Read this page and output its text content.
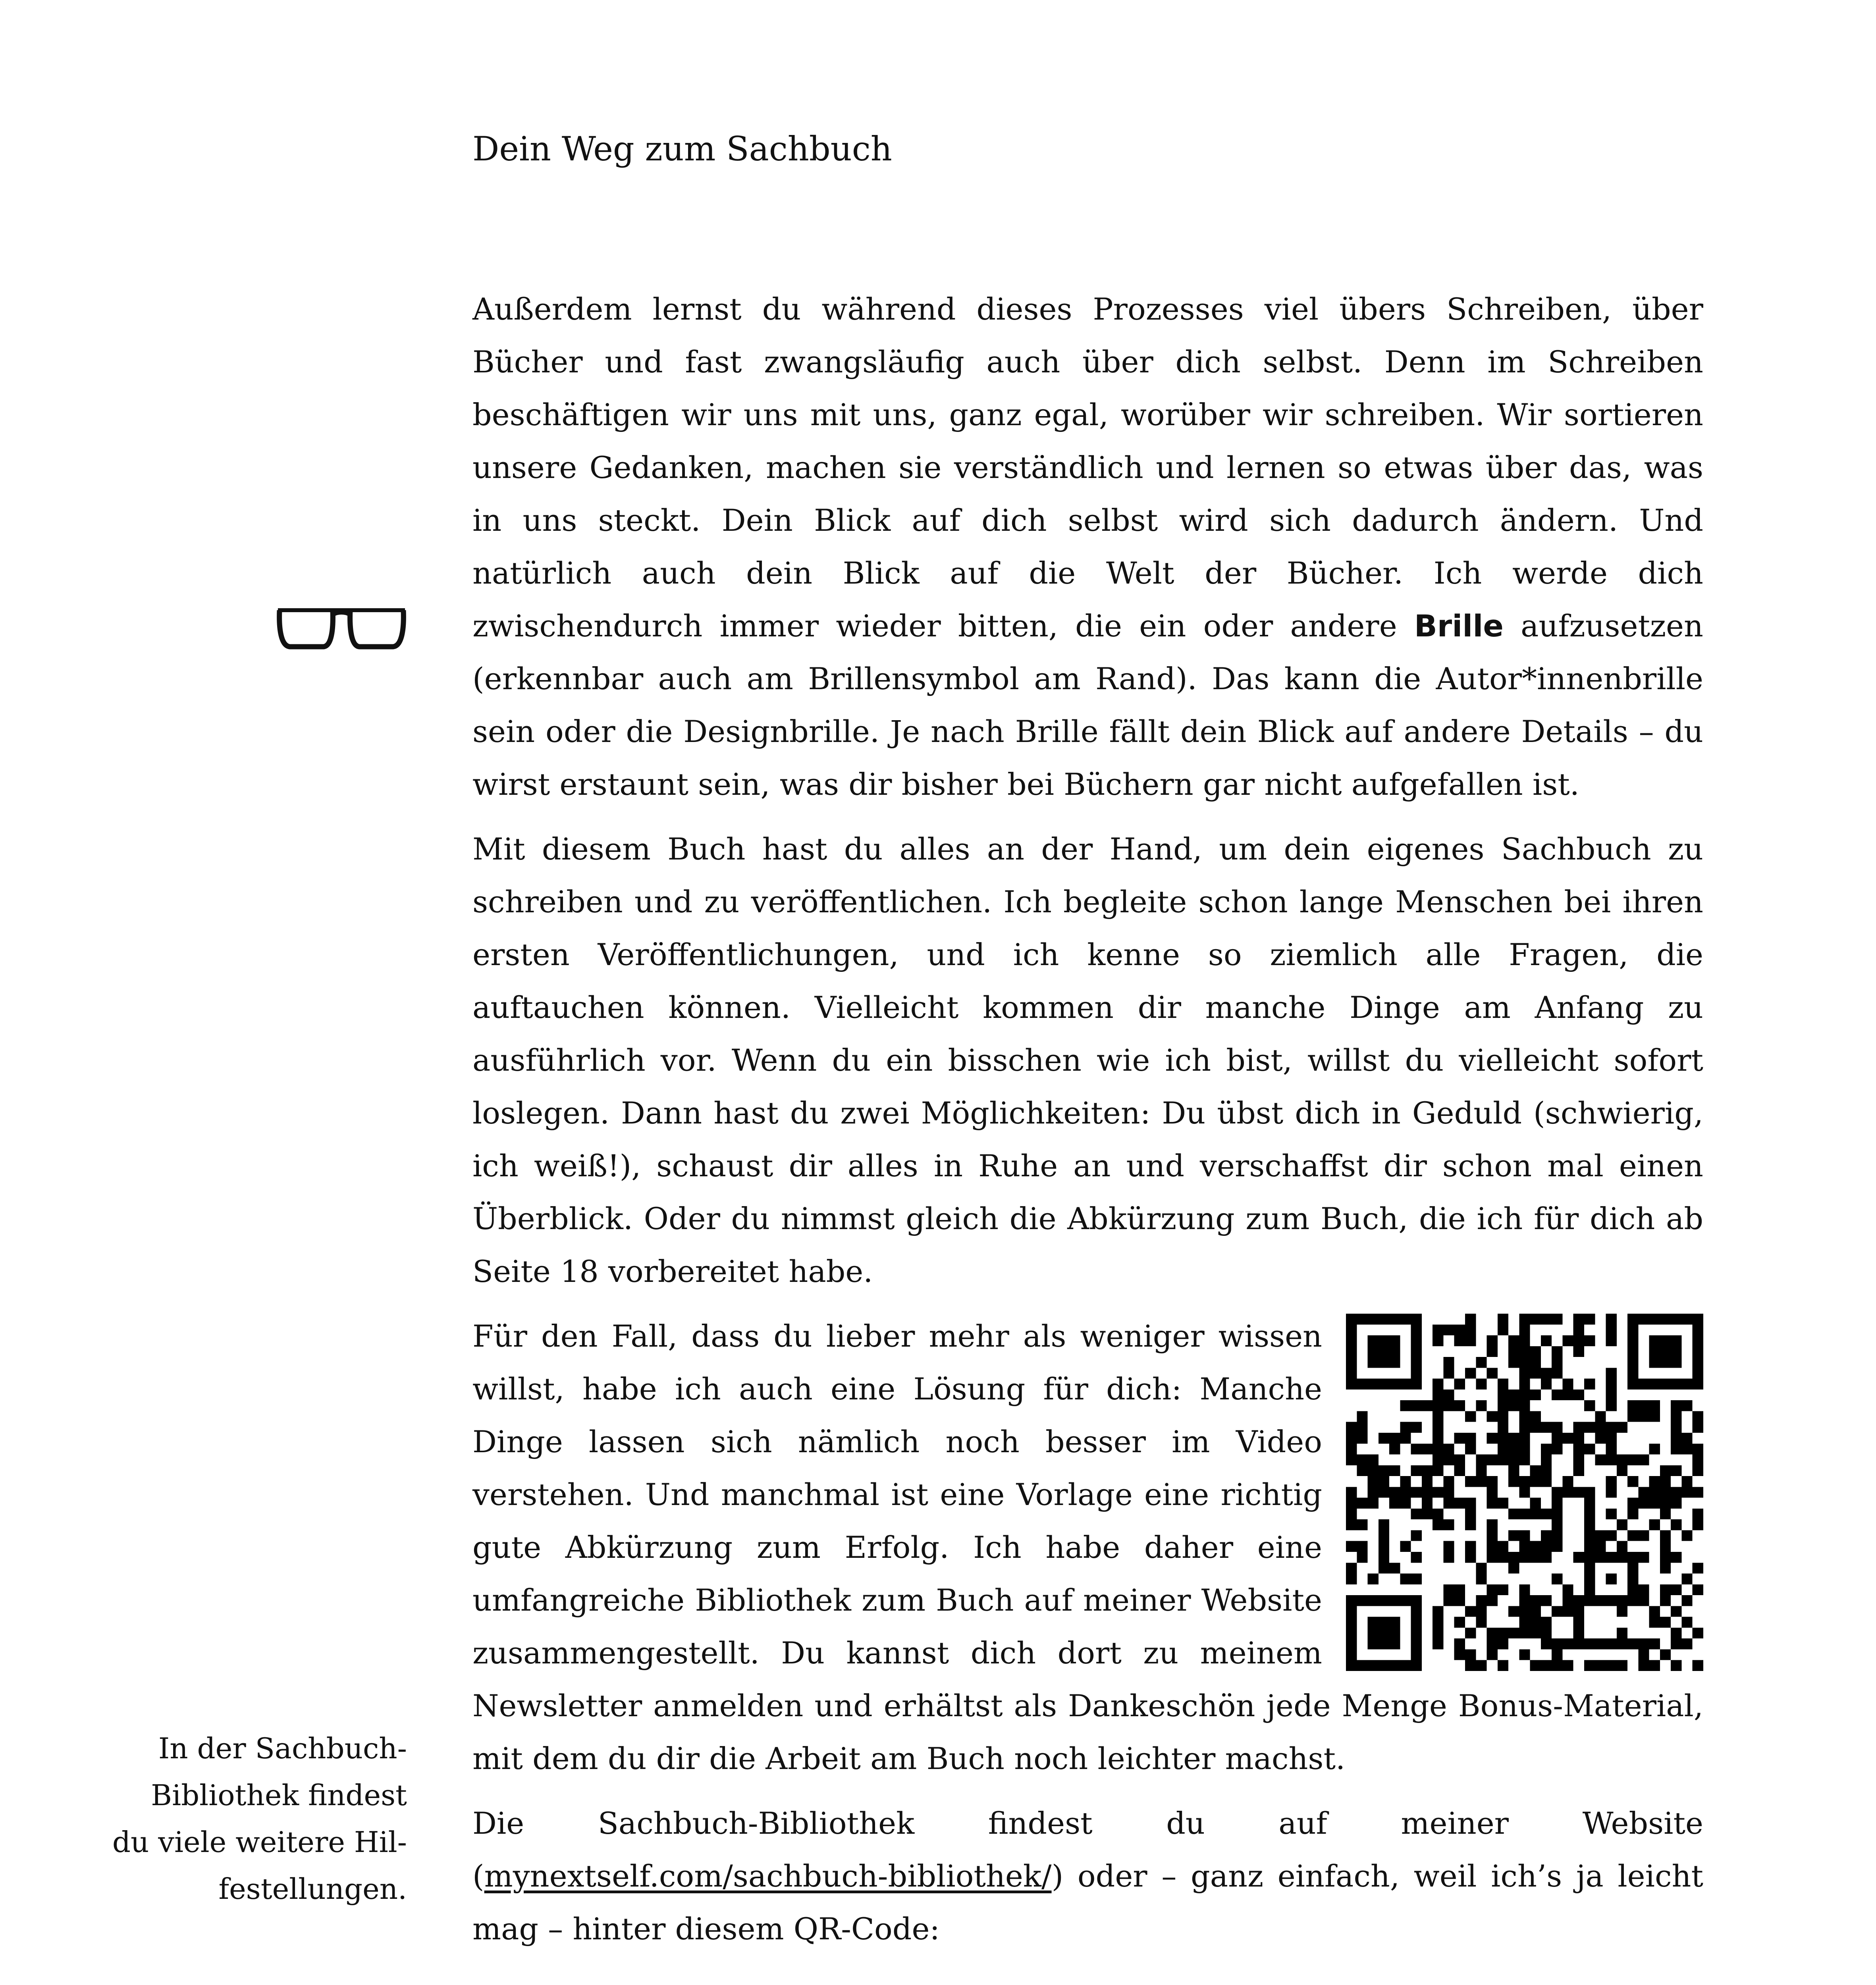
Dein Weg zum Sachbuch

Außerdem lernst du während dieses Prozesses viel übers Schreiben, über Bücher und fast zwangsläufig auch über dich selbst. Denn im Schreiben beschäftigen wir uns mit uns, ganz egal, worüber wir schreiben. Wir sortieren unsere Gedanken, machen sie verständlich und lernen so etwas über das, was in uns steckt. Dein Blick auf dich selbst wird sich dadurch ändern. Und natürlich auch dein Blick auf die Welt der Bücher. Ich werde dich zwischendurch immer wieder bitten, die ein oder andere Brille aufzusetzen (erkennbar auch am Brillensymbol am Rand). Das kann die Autor*innenbrille sein oder die Designbrille. Je nach Brille fällt dein Blick auf andere Details – du wirst erstaunt sein, was dir bisher bei Büchern gar nicht aufgefallen ist.

Mit diesem Buch hast du alles an der Hand, um dein eigenes Sachbuch zu schreiben und zu veröffentlichen. Ich begleite schon lange Menschen bei ihren ersten Veröffentlichungen, und ich kenne so ziemlich alle Fragen, die auftauchen können. Vielleicht kommen dir manche Dinge am Anfang zu ausführlich vor. Wenn du ein bisschen wie ich bist, willst du vielleicht sofort loslegen. Dann hast du zwei Möglichkeiten: Du übst dich in Geduld (schwierig, ich weiß!), schaust dir alles in Ruhe an und verschaffst dir schon mal einen Überblick. Oder du nimmst gleich die Abkürzung zum Buch, die ich für dich ab Seite 18 vorbereitet habe.

Für den Fall, dass du lieber mehr als weniger wissen willst, habe ich auch eine Lösung für dich: Manche Dinge lassen sich nämlich noch besser im Video verstehen. Und manchmal ist eine Vorlage eine richtig gute Abkürzung zum Erfolg. Ich habe daher eine umfangreiche Bibliothek zum Buch auf meiner Website zusammengestellt. Du kannst dich dort zu meinem Newsletter anmelden und erhältst als Dankeschön jede Menge Bonus-Material, mit dem du dir die Arbeit am Buch noch leichter machst.

Die Sachbuch-Bibliothek findest du auf meiner Website (mynextself.com/sachbuch-bibliothek/) oder – ganz einfach, weil ich’s ja leicht mag – hinter diesem QR-Code:

In der Sachbuch-
Bibliothek findest
du viele weitere Hil-
festellungen.
